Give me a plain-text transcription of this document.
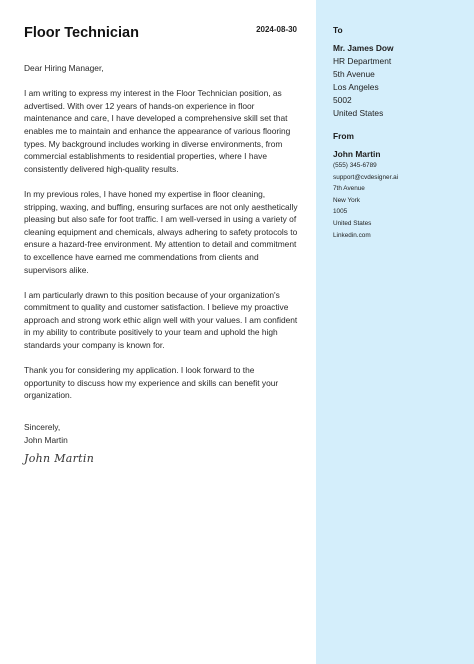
Floor Technician	2024-08-30

Dear Hiring Manager,

I am writing to express my interest in the Floor Technician position, as advertised. With over 12 years of hands-on experience in floor maintenance and care, I have developed a comprehensive skill set that enables me to maintain and enhance the appearance of various flooring types. My background includes working in diverse environments, from commercial establishments to residential properties, where I have consistently delivered high-quality results.

In my previous roles, I have honed my expertise in floor cleaning, stripping, waxing, and buffing, ensuring surfaces are not only aesthetically pleasing but also safe for foot traffic. I am well-versed in using a variety of cleaning equipment and chemicals, always adhering to safety protocols to ensure a hazard-free environment. My attention to detail and commitment to excellence have earned me commendations from clients and supervisors alike.

I am particularly drawn to this position because of your organization's commitment to quality and customer satisfaction. I believe my proactive approach and strong work ethic align well with your values. I am confident in my ability to contribute positively to your team and uphold the high standards your company is known for.

Thank you for considering my application. I look forward to the opportunity to discuss how my experience and skills can benefit your organization.

Sincerely,
John Martin
John Martin
To
Mr. James Dow
HR Department
5th Avenue
Los Angeles
5002
United States
From
John Martin
(555) 345-6789
support@cvdesigner.ai
7th Avenue
New York
1005
United States
Linkedin.com
